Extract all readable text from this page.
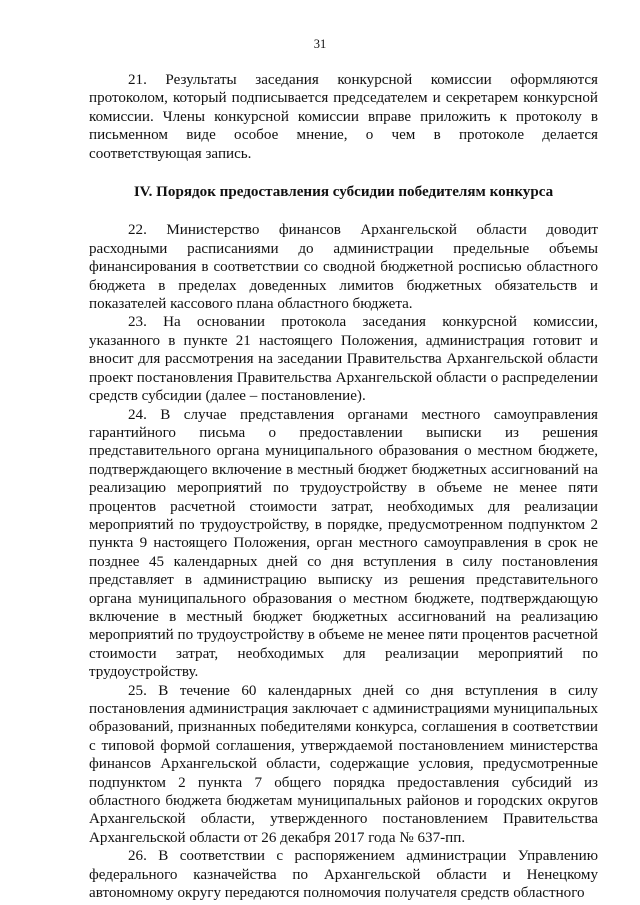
31

21. Результаты заседания конкурсной комиссии оформляются протоколом, который подписывается председателем и секретарем конкурсной комиссии. Члены конкурсной комиссии вправе приложить к протоколу в письменном виде особое мнение, о чем в протоколе делается соответствующая запись.

IV. Порядок предоставления субсидии победителям конкурса

22. Министерство финансов Архангельской области доводит расходными расписаниями до администрации предельные объемы финансирования в соответствии со сводной бюджетной росписью областного бюджета в пределах доведенных лимитов бюджетных обязательств и показателей кассового плана областного бюджета.

23. На основании протокола заседания конкурсной комиссии, указанного в пункте 21 настоящего Положения, администрация готовит и вносит для рассмотрения на заседании Правительства Архангельской области проект постановления Правительства Архангельской области о распределении средств субсидии (далее – постановление).

24. В случае представления органами местного самоуправления гарантийного письма о предоставлении выписки из решения представительного органа муниципального образования о местном бюджете, подтверждающего включение в местный бюджет бюджетных ассигнований на реализацию мероприятий по трудоустройству в объеме не менее пяти процентов расчетной стоимости затрат, необходимых для реализации мероприятий по трудоустройству, в порядке, предусмотренном подпунктом 2 пункта 9 настоящего Положения, орган местного самоуправления в срок не позднее 45 календарных дней со дня вступления в силу постановления представляет в администрацию выписку из решения представительного органа муниципального образования о местном бюджете, подтверждающую включение в местный бюджет бюджетных ассигнований на реализацию мероприятий по трудоустройству в объеме не менее пяти процентов расчетной стоимости затрат, необходимых для реализации мероприятий по трудоустройству.

25. В течение 60 календарных дней со дня вступления в силу постановления администрация заключает с администрациями муниципальных образований, признанных победителями конкурса, соглашения в соответствии с типовой формой соглашения, утверждаемой постановлением министерства финансов Архангельской области, содержащие условия, предусмотренные подпунктом 2 пункта 7 общего порядка предоставления субсидий из областного бюджета бюджетам муниципальных районов и городских округов Архангельской области, утвержденного постановлением Правительства Архангельской области от 26 декабря 2017 года № 637-пп.

26. В соответствии с распоряжением администрации Управлению федерального казначейства по Архангельской области и Ненецкому автономному округу передаются полномочия получателя средств областного
